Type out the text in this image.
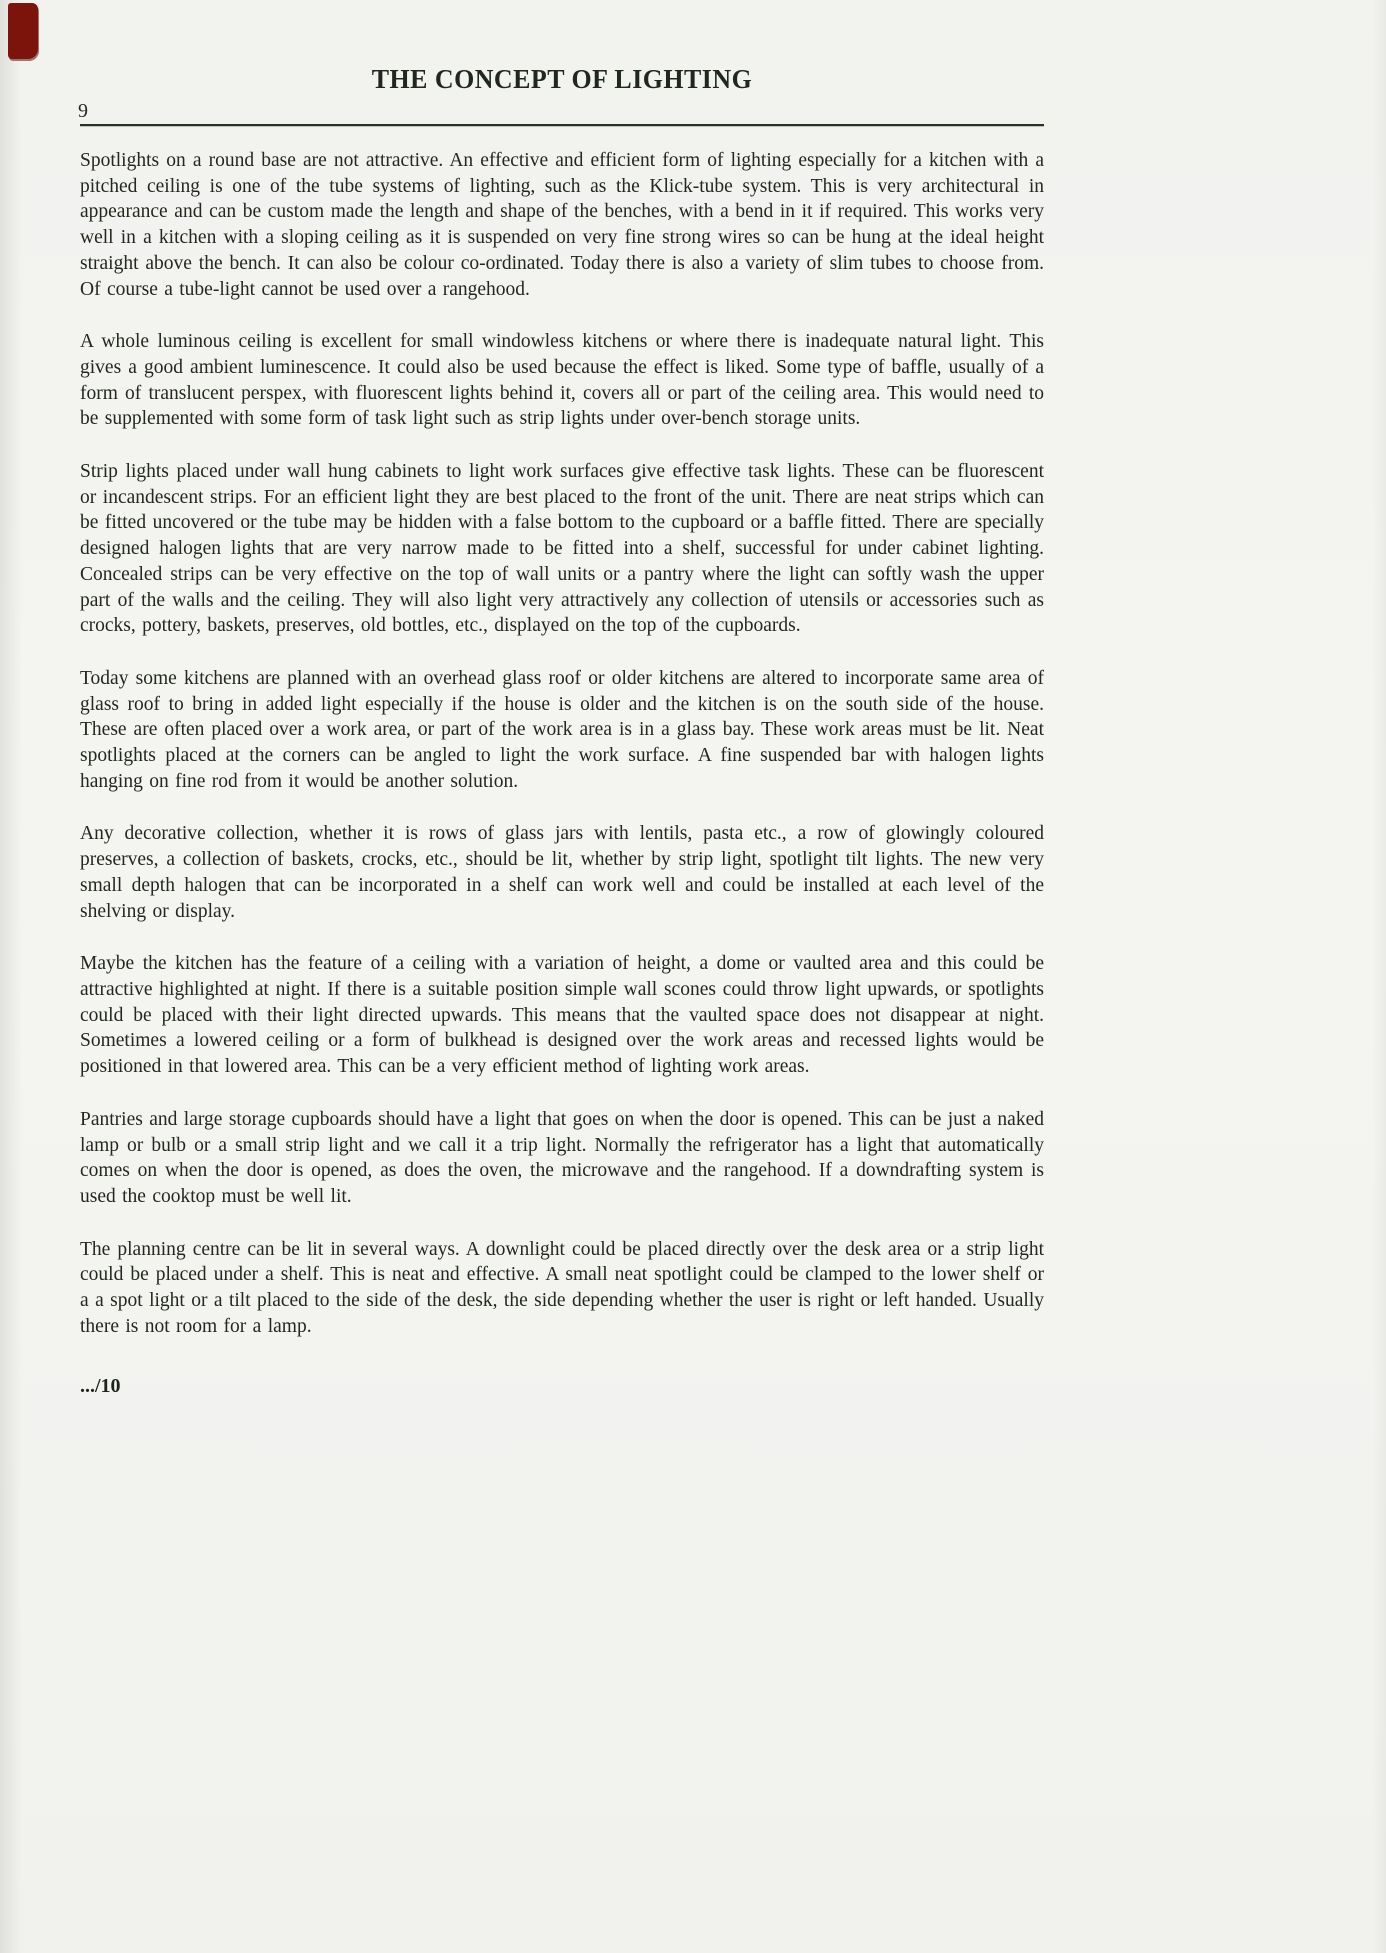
THE CONCEPT OF LIGHTING
9

Spotlights on a round base are not attractive. An effective and efficient form of lighting especially for a kitchen with a pitched ceiling is one of the tube systems of lighting, such as the Klick-tube system. This is very architectural in appearance and can be custom made the length and shape of the benches, with a bend in it if required. This works very well in a kitchen with a sloping ceiling as it is suspended on very fine strong wires so can be hung at the ideal height straight above the bench. It can also be colour co-ordinated. Today there is also a variety of slim tubes to choose from. Of course a tube-light cannot be used over a rangehood.

A whole luminous ceiling is excellent for small windowless kitchens or where there is inadequate natural light. This gives a good ambient luminescence. It could also be used because the effect is liked. Some type of baffle, usually of a form of translucent perspex, with fluorescent lights behind it, covers all or part of the ceiling area. This would need to be supplemented with some form of task light such as strip lights under over-bench storage units.

Strip lights placed under wall hung cabinets to light work surfaces give effective task lights. These can be fluorescent or incandescent strips. For an efficient light they are best placed to the front of the unit. There are neat strips which can be fitted uncovered or the tube may be hidden with a false bottom to the cupboard or a baffle fitted. There are specially designed halogen lights that are very narrow made to be fitted into a shelf, successful for under cabinet lighting. Concealed strips can be very effective on the top of wall units or a pantry where the light can softly wash the upper part of the walls and the ceiling. They will also light very attractively any collection of utensils or accessories such as crocks, pottery, baskets, preserves, old bottles, etc., displayed on the top of the cupboards.

Today some kitchens are planned with an overhead glass roof or older kitchens are altered to incorporate same area of glass roof to bring in added light especially if the house is older and the kitchen is on the south side of the house. These are often placed over a work area, or part of the work area is in a glass bay. These work areas must be lit. Neat spotlights placed at the corners can be angled to light the work surface. A fine suspended bar with halogen lights hanging on fine rod from it would be another solution.

Any decorative collection, whether it is rows of glass jars with lentils, pasta etc., a row of glowingly coloured preserves, a collection of baskets, crocks, etc., should be lit, whether by strip light, spotlight tilt lights. The new very small depth halogen that can be incorporated in a shelf can work well and could be installed at each level of the shelving or display.

Maybe the kitchen has the feature of a ceiling with a variation of height, a dome or vaulted area and this could be attractive highlighted at night. If there is a suitable position simple wall scones could throw light upwards, or spotlights could be placed with their light directed upwards. This means that the vaulted space does not disappear at night. Sometimes a lowered ceiling or a form of bulkhead is designed over the work areas and recessed lights would be positioned in that lowered area. This can be a very efficient method of lighting work areas.

Pantries and large storage cupboards should have a light that goes on when the door is opened. This can be just a naked lamp or bulb or a small strip light and we call it a trip light. Normally the refrigerator has a light that automatically comes on when the door is opened, as does the oven, the microwave and the rangehood. If a downdrafting system is used the cooktop must be well lit.

The planning centre can be lit in several ways. A downlight could be placed directly over the desk area or a strip light could be placed under a shelf. This is neat and effective. A small neat spotlight could be clamped to the lower shelf or a a spot light or a tilt placed to the side of the desk, the side depending whether the user is right or left handed. Usually there is not room for a lamp.

.../10
